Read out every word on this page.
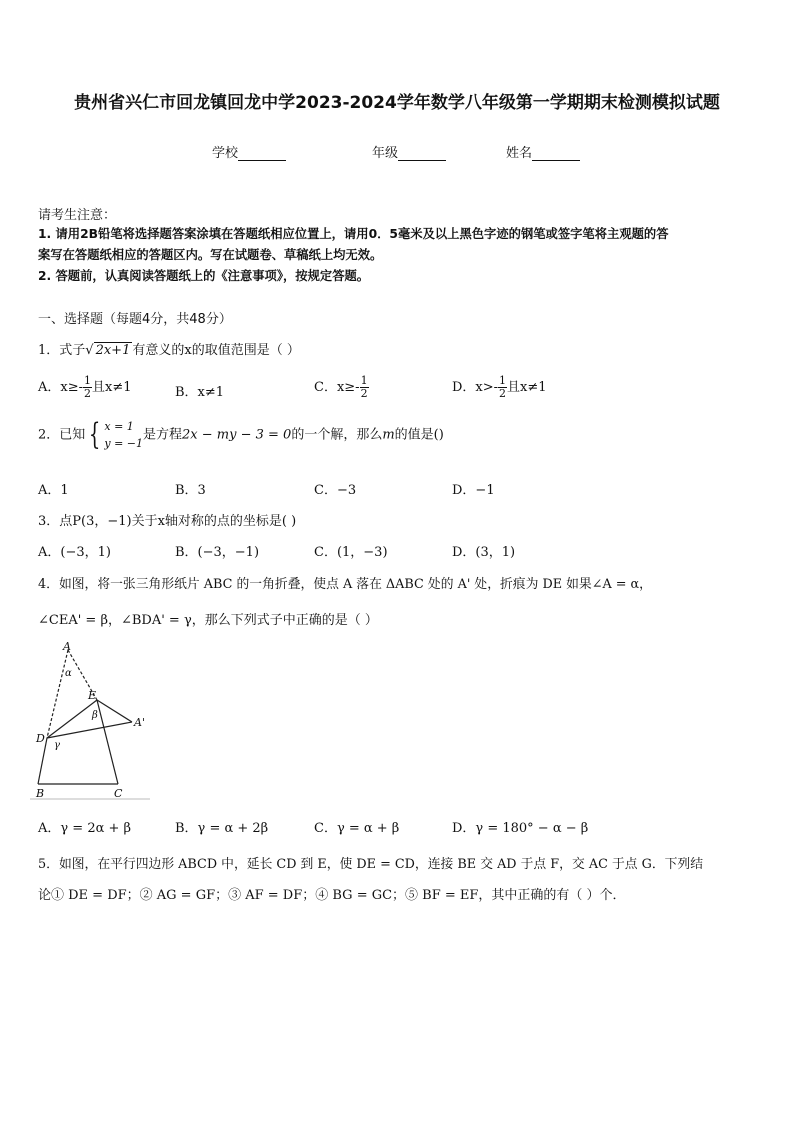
贵州省兴仁市回龙镇回龙中学2023-2024学年数学八年级第一学期期末检测模拟试题
学校	年级	姓名
请考生注意：
1. 请用2B铅笔将选择题答案涂填在答题纸相应位置上，请用0．5毫米及以上黑色字迹的钢笔或签字笔将主观题的答
案写在答题纸相应的答题区内。写在试题卷、草稿纸上均无效。
2. 答题前，认真阅读答题纸上的《注意事项》，按规定答题。
一、选择题（每题4分，共48分）
1．式子√ 2x+1 有意义的x的取值范围是（ ）
A．$x\ge- \frac{1}{2}$ 且x≠1	B．x≠1	C．$x\ge- \frac{1}{2}$	D．$x>- \frac{1}{2}$ 且x≠1
2．已知 { x = 1
y = −1
是方程2x − my − 3 = 0的一个解，那么m的值是()
A．1	B．3	C．−3	D．−1
3．点P(3，−1)关于x轴对称的点的坐标是( )
A．(−3，1)	B．(−3，−1)	C．(1，−3)	D．(3，1)
4．如图，将一张三角形纸片 ABC 的一角折叠，使点 A 落在 ΔABC 处的 A' 处，折痕为 DE 如果∠A = α，
∠CEA' = β，∠BDA' = γ，那么下列式子中正确的是（ ）
A
α
E
β
A'
D
γ
B	C
A．γ = 2α + β	B．γ = α + 2β	C．γ = α + β	D．γ = 180° − α − β
5．如图，在平行四边形 ABCD 中，延长 CD 到 E，使 DE = CD，连接 BE 交 AD 于点 F，交 AC 于点 G．下列结
论① DE = DF；② AG = GF；③ AF = DF；④ BG = GC；⑤ BF = EF，其中正确的有（ ）个．
